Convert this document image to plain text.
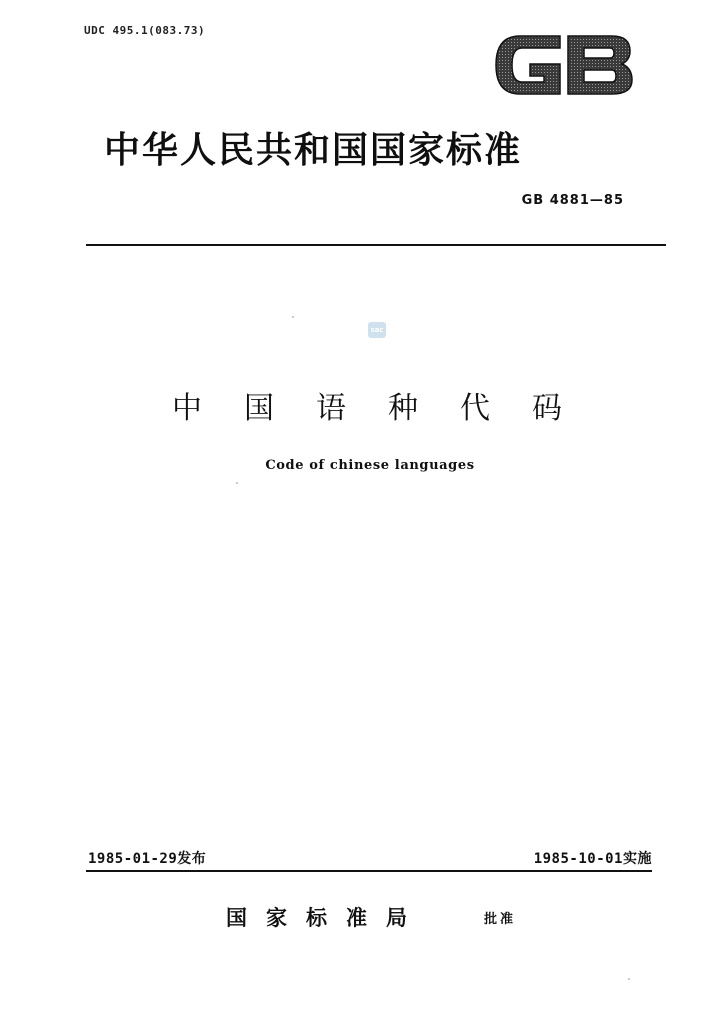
UDC 495.1(083.73)
中华人民共和国国家标准
GB 4881—85
sac
中国语种代码
Code of chinese languages
1985-01-29发布	1985-10-01实施
国家标准局	批准
